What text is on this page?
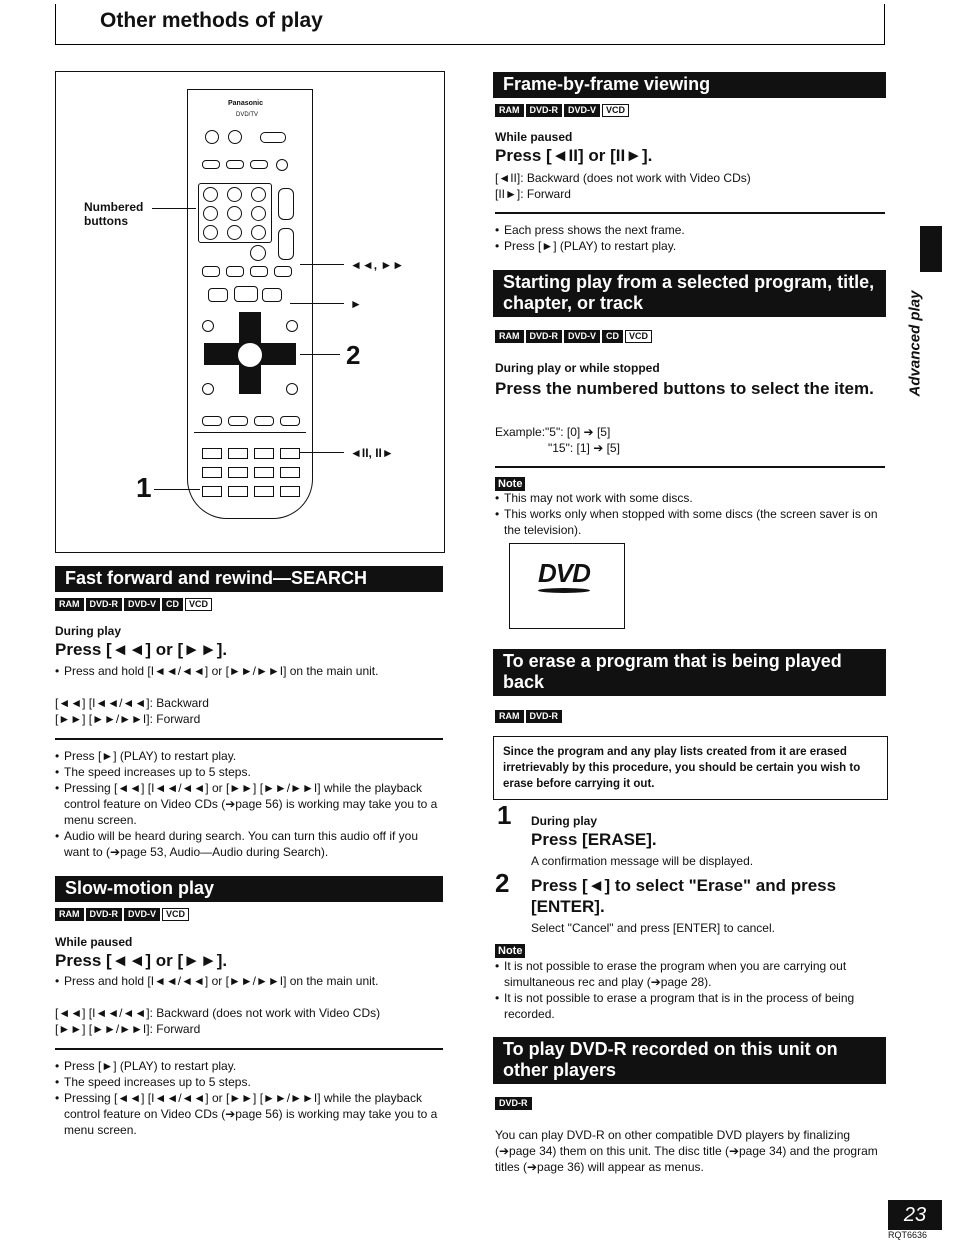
Other methods of play
Panasonic
DVD/TV
Numbered buttons
◄◄, ►►
►
2
◄II, II►
1
Fast forward and rewind—SEARCH
RAM	DVD-R	DVD-V	CD	VCD
During play
Press [◄◄] or [►►].
• Press and hold [I◄◄/◄◄] or [►►/►►I] on the main unit.
[◄◄] [I◄◄/◄◄]: Backward
[►►] [►►/►►I]: Forward
• Press [►] (PLAY) to restart play.
• The speed increases up to 5 steps.
• Pressing [◄◄] [I◄◄/◄◄] or [►►] [►►/►►I] while the playback control feature on Video CDs (➔page 56) is working may take you to a menu screen.
• Audio will be heard during search. You can turn this audio off if you want to (➔page 53, Audio—Audio during Search).
Slow-motion play
RAM	DVD-R	DVD-V	VCD
While paused
Press [◄◄] or [►►].
• Press and hold [I◄◄/◄◄] or [►►/►►I] on the main unit.
[◄◄] [I◄◄/◄◄]: Backward (does not work with Video CDs)
[►►] [►►/►►I]: Forward
• Press [►] (PLAY) to restart play.
• The speed increases up to 5 steps.
• Pressing [◄◄] [I◄◄/◄◄] or [►►] [►►/►►I] while the playback control feature on Video CDs (➔page 56) is working may take you to a menu screen.
Frame-by-frame viewing
RAM	DVD-R	DVD-V	VCD
While paused
Press [◄II] or [II►].
[◄II]: Backward (does not work with Video CDs)
[II►]: Forward
• Each press shows the next frame.
• Press [►] (PLAY) to restart play.
Starting play from a selected program, title, chapter, or track
RAM	DVD-R	DVD-V	CD	VCD
During play or while stopped
Press the numbered buttons to select the item.
Example:"5": [0] ➔ [5]
"15": [1] ➔ [5]
Note
• This may not work with some discs.
• This works only when stopped with some discs (the screen saver is on the television).
DVD
To erase a program that is being played back
RAM	DVD-R
Since the program and any play lists created from it are erased irretrievably by this procedure, you should be certain you wish to erase before carrying it out.
1 During play
Press [ERASE].
A confirmation message will be displayed.
2 Press [◄] to select "Erase" and press [ENTER].
Select "Cancel" and press [ENTER] to cancel.
Note
• It is not possible to erase the program when you are carrying out simultaneous rec and play (➔page 28).
• It is not possible to erase a program that is in the process of being recorded.
To play DVD-R recorded on this unit on other players
DVD-R
You can play DVD-R on other compatible DVD players by finalizing (➔page 34) them on this unit. The disc title (➔page 34) and the program titles (➔page 36) will appear as menus.
Advanced play
23
RQT6636
